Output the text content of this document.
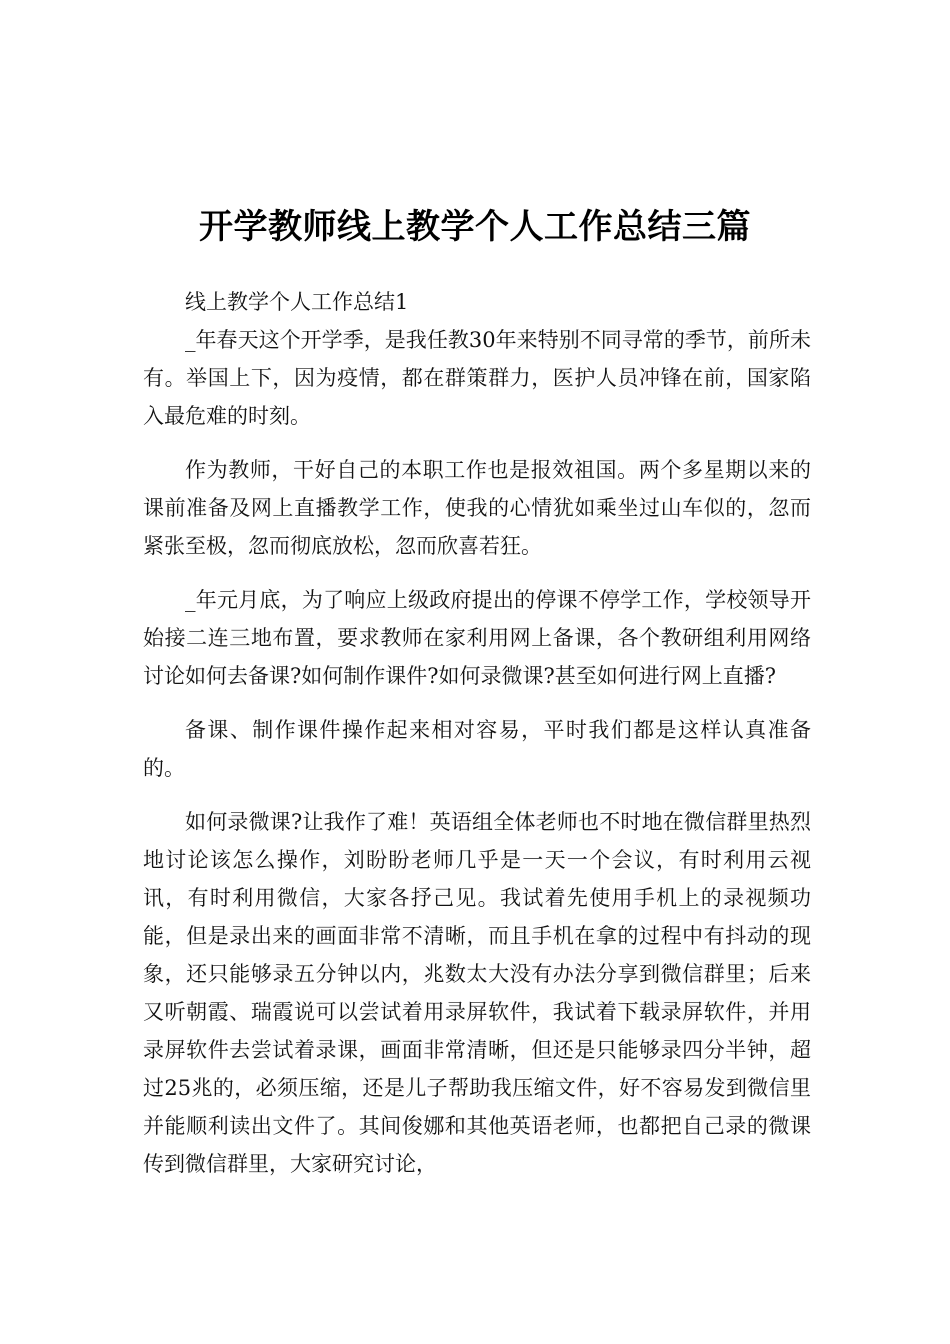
开学教师线上教学个人工作总结三篇

线上教学个人工作总结1

_年春天这个开学季，是我任教30年来特别不同寻常的季节，前所未有。举国上下，因为疫情，都在群策群力，医护人员冲锋在前，国家陷入最危难的时刻。

作为教师，干好自己的本职工作也是报效祖国。两个多星期以来的课前准备及网上直播教学工作，使我的心情犹如乘坐过山车似的，忽而紧张至极，忽而彻底放松，忽而欣喜若狂。

_年元月底，为了响应上级政府提出的停课不停学工作，学校领导开始接二连三地布置，要求教师在家利用网上备课，各个教研组利用网络讨论如何去备课?如何制作课件?如何录微课?甚至如何进行网上直播?

备课、制作课件操作起来相对容易，平时我们都是这样认真准备的。

如何录微课?让我作了难！英语组全体老师也不时地在微信群里热烈地讨论该怎么操作，刘盼盼老师几乎是一天一个会议，有时利用云视讯，有时利用微信，大家各抒己见。我试着先使用手机上的录视频功能，但是录出来的画面非常不清晰，而且手机在拿的过程中有抖动的现象，还只能够录五分钟以内，兆数太大没有办法分享到微信群里；后来又听朝霞、瑞霞说可以尝试着用录屏软件，我试着下载录屏软件，并用录屏软件去尝试着录课，画面非常清晰，但还是只能够录四分半钟，超过25兆的，必须压缩，还是儿子帮助我压缩文件，好不容易发到微信里并能顺利读出文件了。其间俊娜和其他英语老师，也都把自己录的微课传到微信群里，大家研究讨论，
